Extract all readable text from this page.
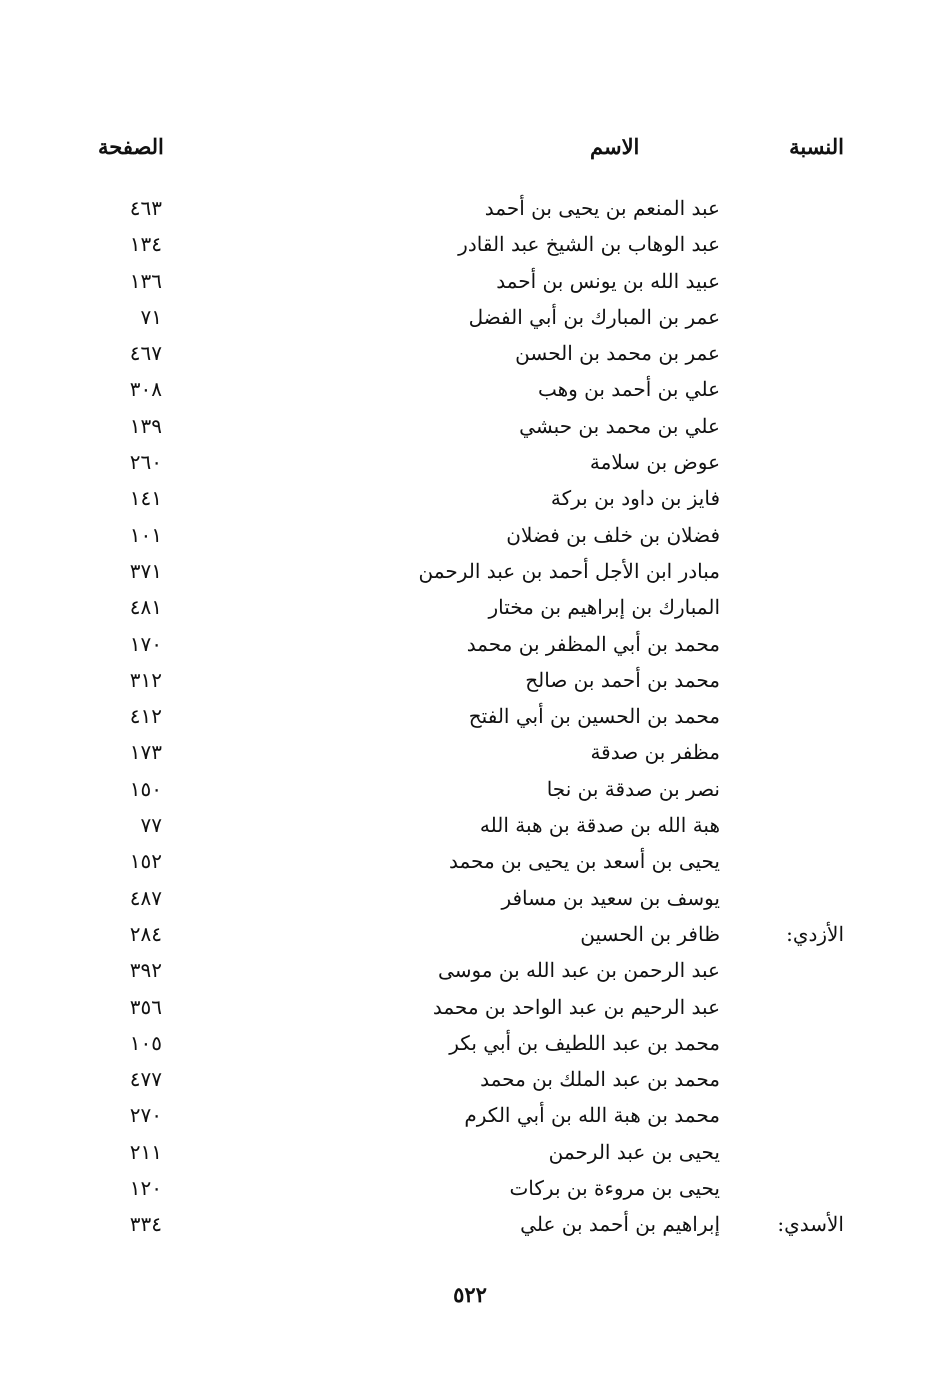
النسبة
الاسم
الصفحة
عبد المنعم بن يحيى بن أحمد
٤٦٣
عبد الوهاب بن الشيخ عبد القادر
١٣٤
عبيد الله بن يونس بن أحمد
١٣٦
عمر بن المبارك بن أبي الفضل
٧١
عمر بن محمد بن الحسن
٤٦٧
علي بن أحمد بن وهب
٣٠٨
علي بن محمد بن حبشي
١٣٩
عوض بن سلامة
٢٦٠
فايز بن داود بن بركة
١٤١
فضلان بن خلف بن فضلان
١٠١
مبادر ابن الأجل أحمد بن عبد الرحمن
٣٧١
المبارك بن إبراهيم بن مختار
٤٨١
محمد بن أبي المظفر بن محمد
١٧٠
محمد بن أحمد بن صالح
٣١٢
محمد بن الحسين بن أبي الفتح
٤١٢
مظفر بن صدقة
١٧٣
نصر بن صدقة بن نجا
١٥٠
هبة الله بن صدقة بن هبة الله
٧٧
يحيى بن أسعد بن يحيى بن محمد
١٥٢
يوسف بن سعيد بن مسافر
٤٨٧
الأزدي:
ظافر بن الحسين
٢٨٤
عبد الرحمن بن عبد الله بن موسى
٣٩٢
عبد الرحيم بن عبد الواحد بن محمد
٣٥٦
محمد بن عبد اللطيف بن أبي بكر
١٠٥
محمد بن عبد الملك بن محمد
٤٧٧
محمد بن هبة الله بن أبي الكرم
٢٧٠
يحيى بن عبد الرحمن
٢١١
يحيى بن مروءة بن بركات
١٢٠
الأسدي:
إبراهيم بن أحمد بن علي
٣٣٤
٥٢٢
